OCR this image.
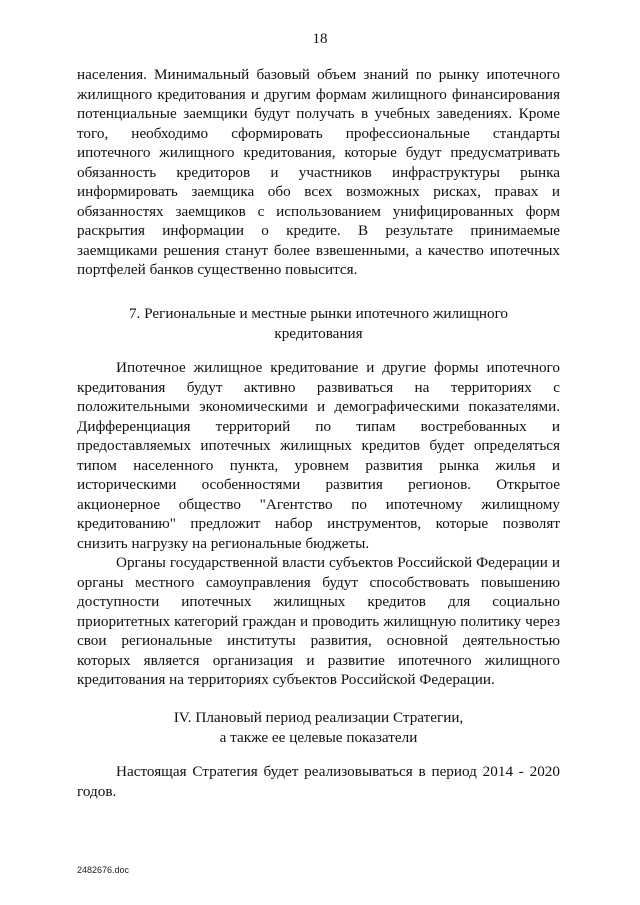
18

населения. Минимальный базовый объем знаний по рынку ипотечного жилищного кредитования и другим формам жилищного финансирования потенциальные заемщики будут получать в учебных заведениях. Кроме того, необходимо сформировать профессиональные стандарты ипотечного жилищного кредитования, которые будут предусматривать обязанность кредиторов и участников инфраструктуры рынка информировать заемщика обо всех возможных рисках, правах и обязанностях заемщиков с использованием унифицированных форм раскрытия информации о кредите. В результате принимаемые заемщиками решения станут более взвешенными, а качество ипотечных портфелей банков существенно повысится.

7. Региональные и местные рынки ипотечного жилищного
кредитования

Ипотечное жилищное кредитование и другие формы ипотечного кредитования будут активно развиваться на территориях с положительными экономическими и демографическими показателями. Дифференциация территорий по типам востребованных и предоставляемых ипотечных жилищных кредитов будет определяться типом населенного пункта, уровнем развития рынка жилья и историческими особенностями развития регионов. Открытое акционерное общество "Агентство по ипотечному жилищному кредитованию" предложит набор инструментов, которые позволят снизить нагрузку на региональные бюджеты.

Органы государственной власти субъектов Российской Федерации и органы местного самоуправления будут способствовать повышению доступности ипотечных жилищных кредитов для социально приоритетных категорий граждан и проводить жилищную политику через свои региональные институты развития, основной деятельностью которых является организация и развитие ипотечного жилищного кредитования на территориях субъектов Российской Федерации.

IV. Плановый период реализации Стратегии,
а также ее целевые показатели

Настоящая Стратегия будет реализовываться в период 2014 - 2020 годов.

2482676.doc
